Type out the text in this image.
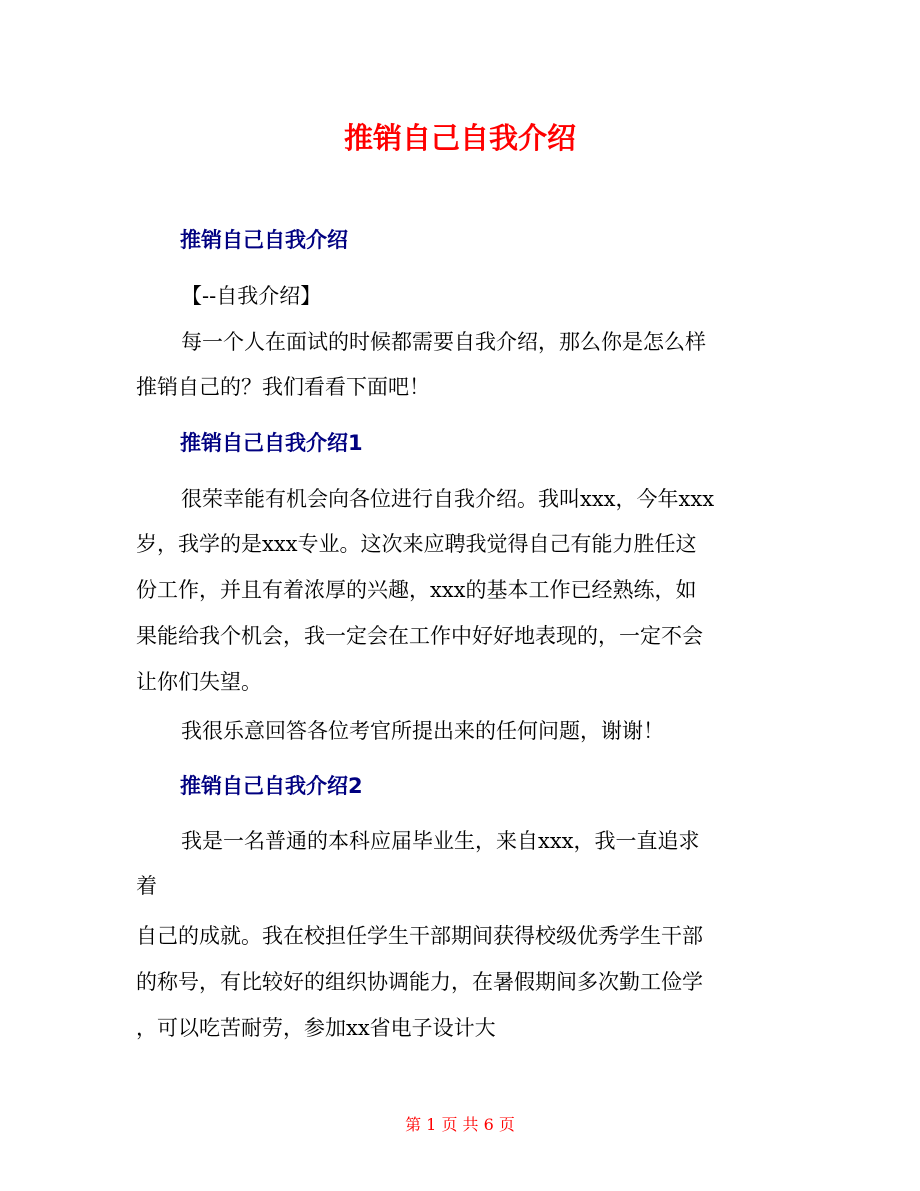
推销自己自我介绍
推销自己自我介绍

【--自我介绍】

每一个人在面试的时候都需要自我介绍，那么你是怎么样

推销自己的？我们看看下面吧！

推销自己自我介绍1

很荣幸能有机会向各位进行自我介绍。我叫xxx，今年xxx

岁，我学的是xxx专业。这次来应聘我觉得自己有能力胜任这

份工作，并且有着浓厚的兴趣，xxx的基本工作已经熟练，如

果能给我个机会，我一定会在工作中好好地表现的，一定不会

让你们失望。

我很乐意回答各位考官所提出来的任何问题，谢谢！

推销自己自我介绍2

我是一名普通的本科应届毕业生，来自xxx，我一直追求

着

自己的成就。我在校担任学生干部期间获得校级优秀学生干部

的称号，有比较好的组织协调能力，在暑假期间多次勤工俭学

，可以吃苦耐劳，参加xx省电子设计大

第 1 页 共 6 页
